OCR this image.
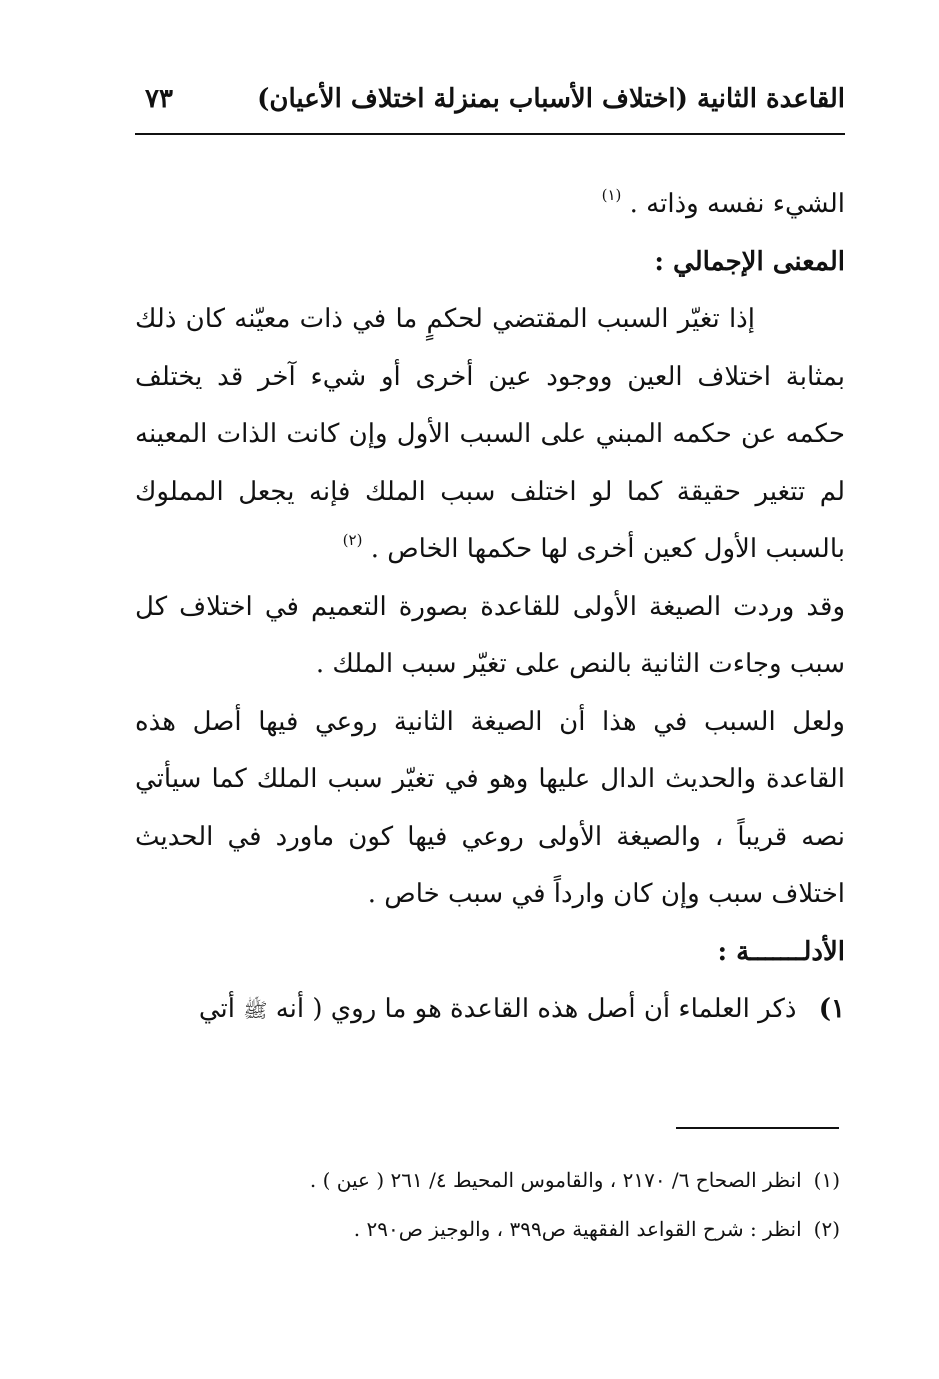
القاعدة الثانية (اختلاف الأسباب بمنزلة اختلاف الأعيان)
٧٣

الشيء نفسه وذاته . $^{(١)}$

المعنى الإجمالي :

إذا تغيّر السبب المقتضي لحكمٍ ما في ذات معيّنه كان ذلك بمثابة اختلاف العين ووجود عين أخرى أو شيء آخر قد يختلف حكمه عن حكمه المبني على السبب الأول وإن كانت الذات المعينه لم تتغير حقيقة كما لو اختلف سبب الملك فإنه يجعل المملوك بالسبب الأول كعين أخرى لها حكمها الخاص . $^{(٢)}$

وقد وردت الصيغة الأولى للقاعدة بصورة التعميم في اختلاف كل سبب وجاءت الثانية بالنص على تغيّر سبب الملك .

ولعل السبب في هذا أن الصيغة الثانية روعي فيها أصل هذه القاعدة والحديث الدال عليها وهو في تغيّر سبب الملك كما سيأتي نصه قريباً ، والصيغة الأولى روعي فيها كون ماورد في الحديث اختلاف سبب وإن كان وارداً في سبب خاص .

الأدلـــــــة :

١) ذكر العلماء أن أصل هذه القاعدة هو ما روي ( أنه ﷺ أتي

(١)انظر الصحاح ٦/ ٢١٧٠ ، والقاموس المحيط ٤/ ٢٦١ ( عين ) .

(٢)انظر : شرح القواعد الفقهية ص٣٩٩ ، والوجيز ص٢٩٠ .
